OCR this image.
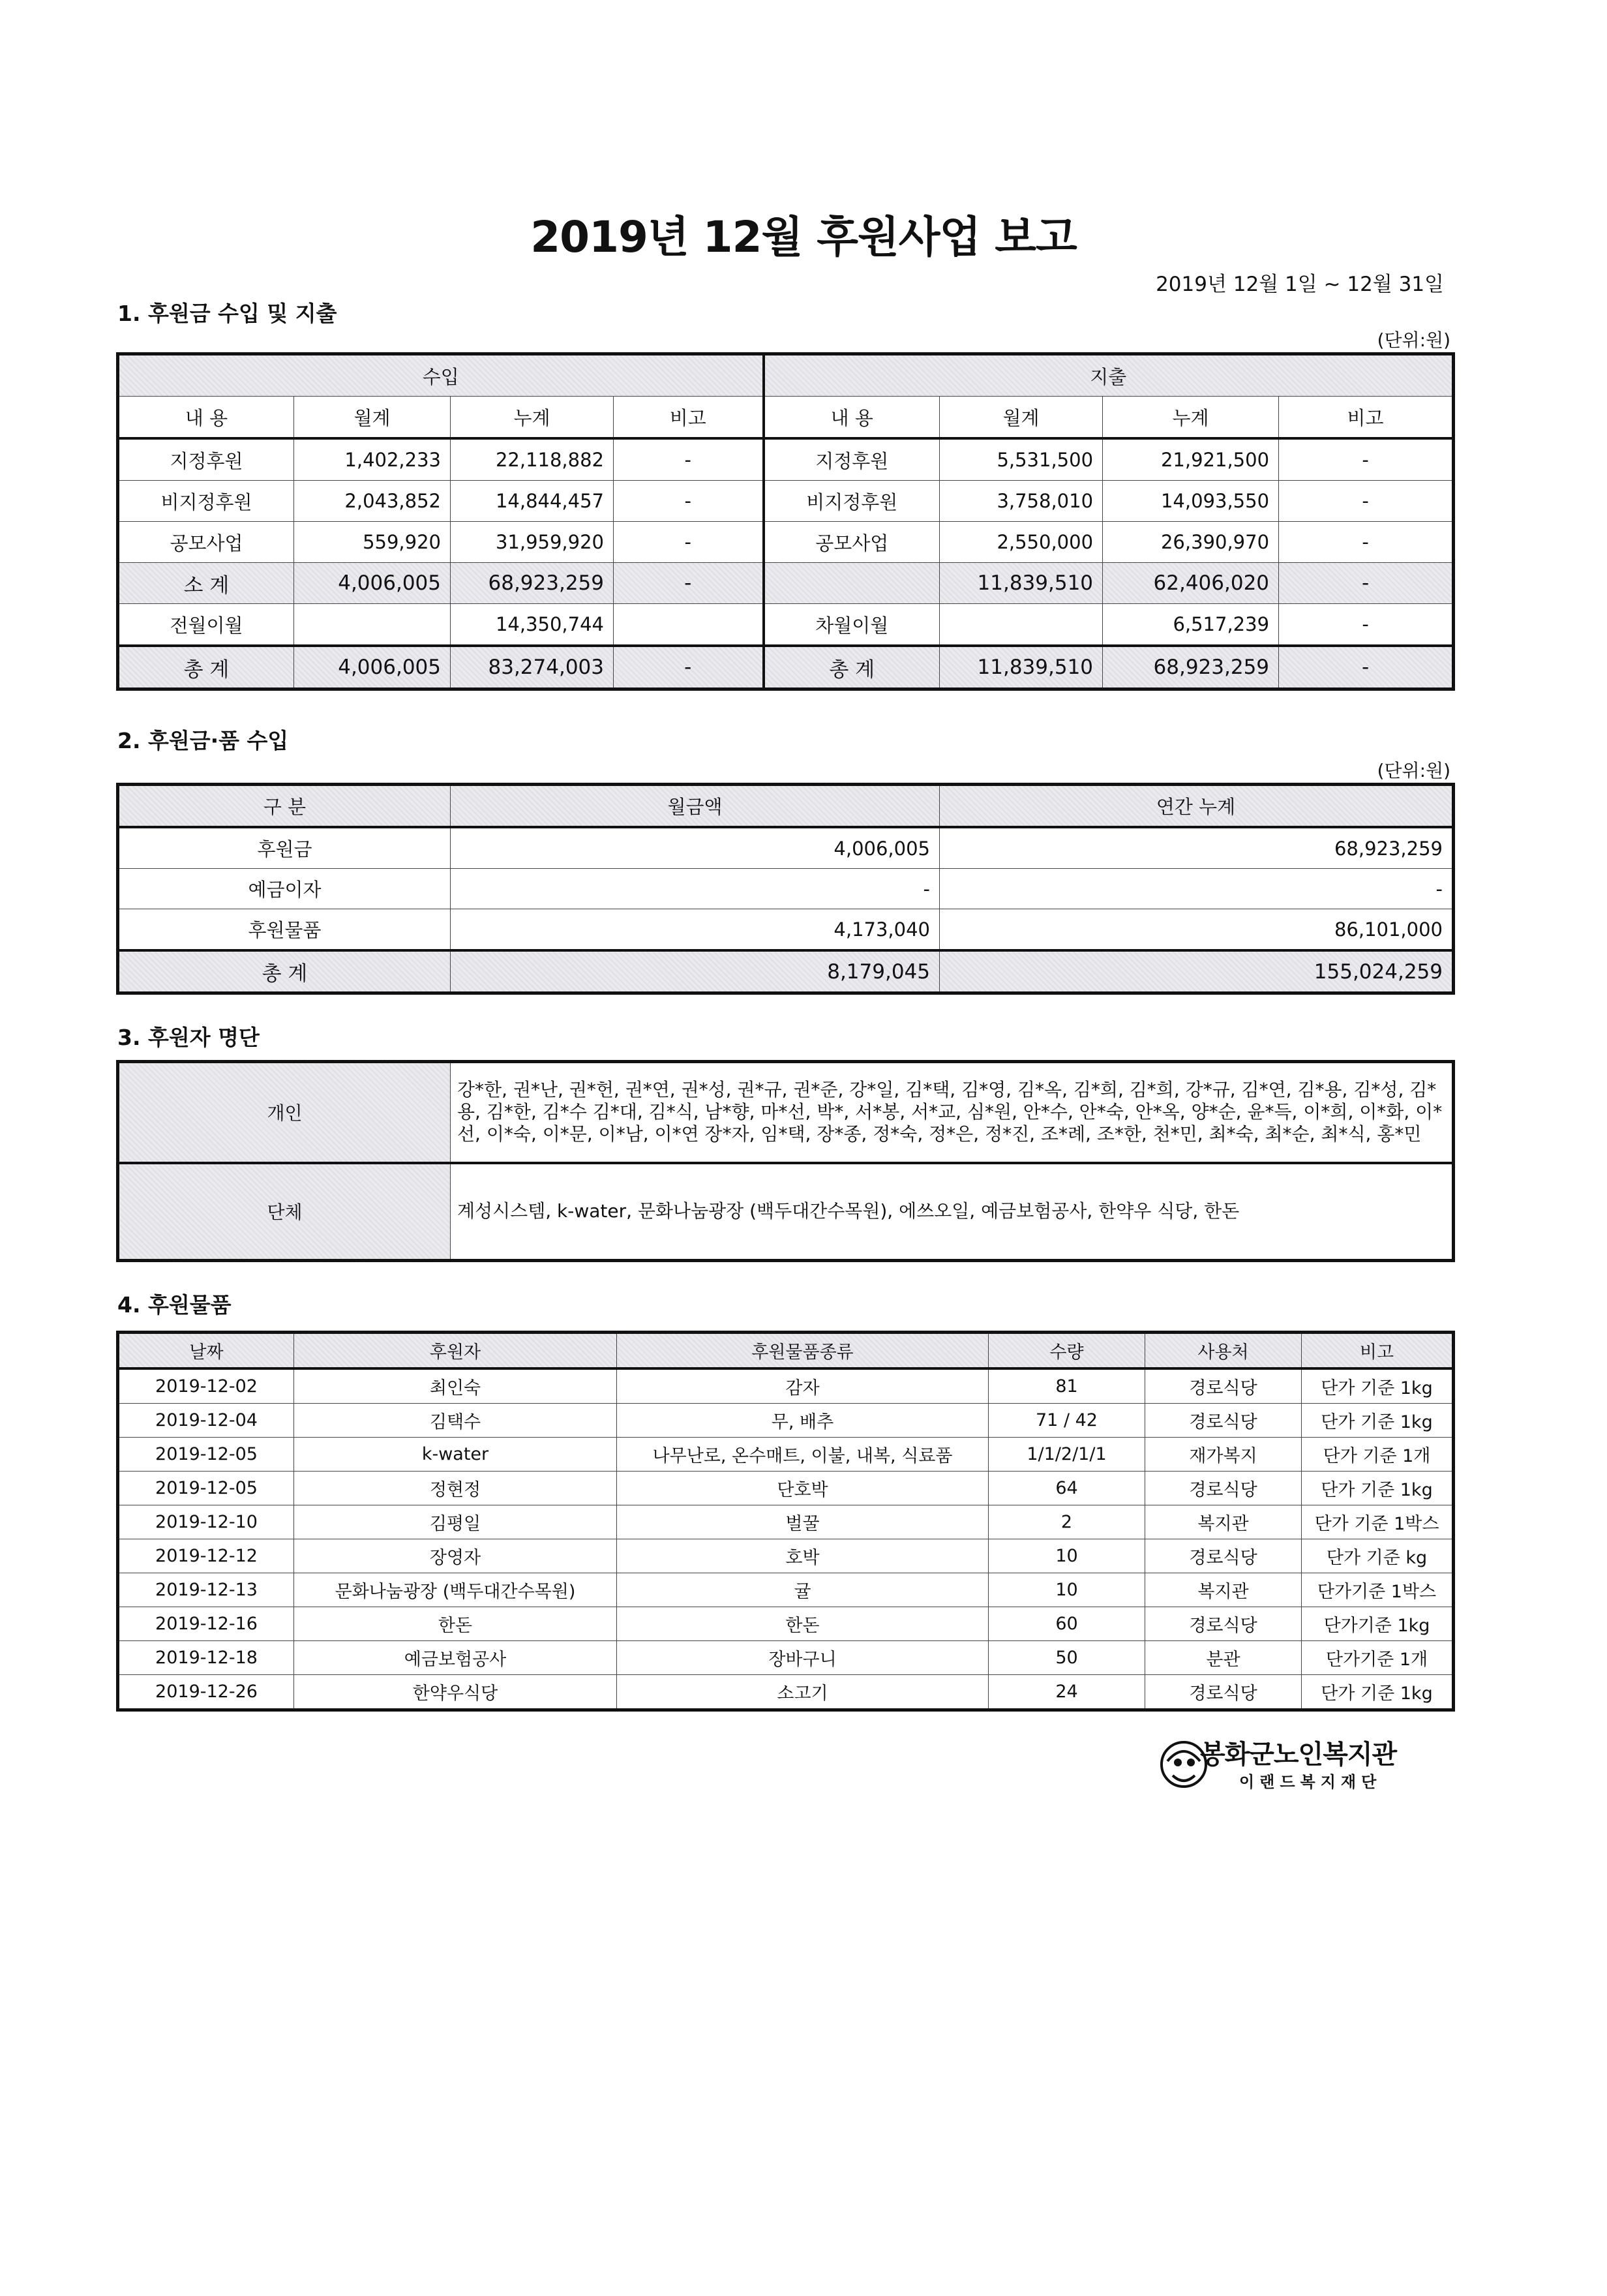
2019년 12월 후원사업 보고
2019년 12월 1일 ~ 12월 31일
1. 후원금 수입 및 지출
(단위:원)
수입				지출			
내 용	월계	누계	비고	내 용	월계	누계	비고
지정후원	1,402,233	22,118,882	-	지정후원	5,531,500	21,921,500	-
비지정후원	2,043,852	14,844,457	-	비지정후원	3,758,010	14,093,550	-
공모사업	559,920	31,959,920	-	공모사업	2,550,000	26,390,970	-
소 계	4,006,005	68,923,259	-		11,839,510	62,406,020	-
전월이월		14,350,744		차월이월		6,517,239	-
총 계	4,006,005	83,274,003	-	총 계	11,839,510	68,923,259	-
2. 후원금·품 수입
(단위:원)
구 분	월금액	연간 누계
후원금	4,006,005	68,923,259
예금이자	-	-
후원물품	4,173,040	86,101,000
총 계	8,179,045	155,024,259
3. 후원자 명단
개인	강*한, 권*난, 권*헌, 권*연, 권*성, 권*규, 권*준, 강*일, 김*택, 김*영, 김*옥, 김*희, 김*희, 강*규, 김*연, 김*용, 김*성, 김*용, 김*한, 김*수 김*대, 김*식, 남*향, 마*선, 박*, 서*봉, 서*교, 심*원, 안*수, 안*숙, 안*옥, 양*순, 윤*득, 이*희, 이*화, 이*선, 이*숙, 이*문, 이*남, 이*연 장*자, 임*택, 장*종, 정*숙, 정*은, 정*진, 조*례, 조*한, 천*민, 최*숙, 최*순, 최*식, 홍*민
단체	계성시스템, k-water, 문화나눔광장 (백두대간수목원), 에쓰오일, 예금보험공사, 한약우 식당, 한돈
4. 후원물품
날짜	후원자	후원물품종류	수량	사용처	비고
2019-12-02	최인숙	감자	81	경로식당	단가 기준 1kg
2019-12-04	김택수	무, 배추	71 / 42	경로식당	단가 기준 1kg
2019-12-05	k-water	나무난로, 온수매트, 이불, 내복, 식료품	1/1/2/1/1	재가복지	단가 기준 1개
2019-12-05	정현정	단호박	64	경로식당	단가 기준 1kg
2019-12-10	김평일	벌꿀	2	복지관	단가 기준 1박스
2019-12-12	장영자	호박	10	경로식당	단가 기준 kg
2019-12-13	문화나눔광장 (백두대간수목원)	귤	10	복지관	단가기준 1박스
2019-12-16	한돈	한돈	60	경로식당	단가기준 1kg
2019-12-18	예금보험공사	장바구니	50	분관	단가기준 1개
2019-12-26	한약우식당	소고기	24	경로식당	단가 기준 1kg
봉화군노인복지관
이랜드복지재단
